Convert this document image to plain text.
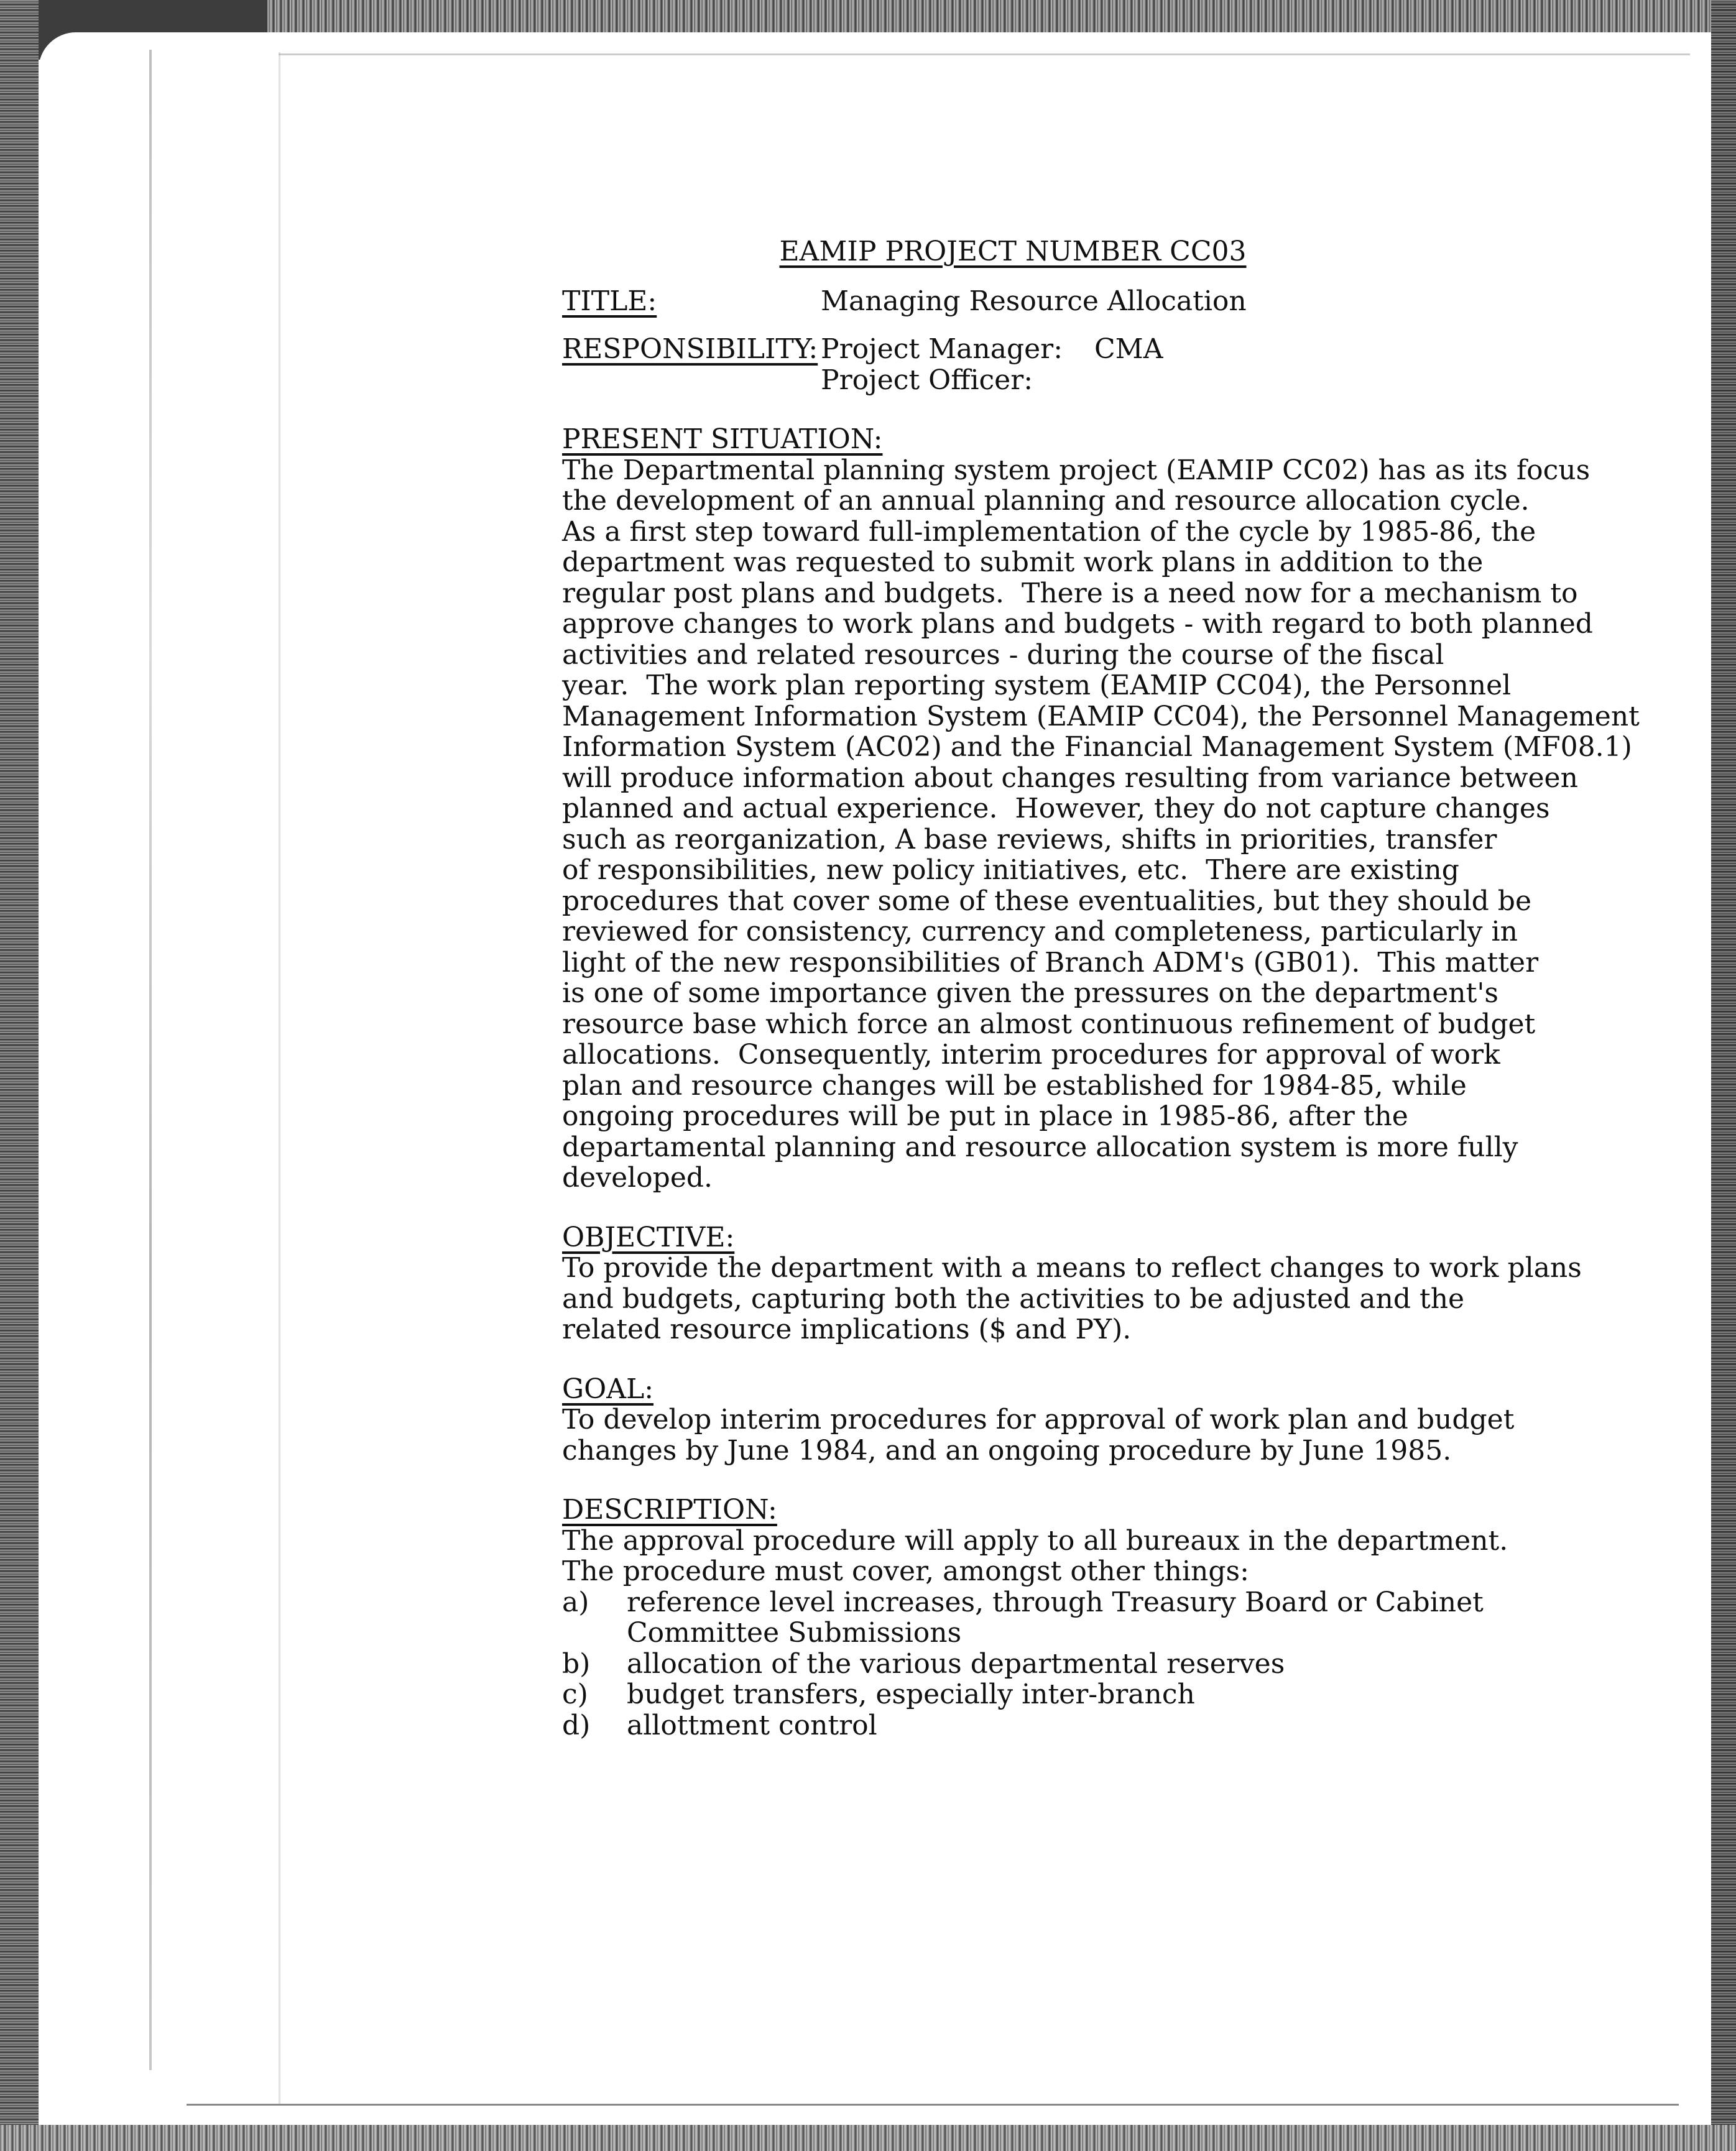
EAMIP PROJECT NUMBER CC03
TITLE:	Managing Resource Allocation
RESPONSIBILITY: Project Manager:	CMA
Project Officer:
PRESENT SITUATION:
The Departmental planning system project (EAMIP CC02) has as its focus
the development of an annual planning and resource allocation cycle.
As a first step toward full-implementation of the cycle by 1985-86, the
department was requested to submit work plans in addition to the
regular post plans and budgets.  There is a need now for a mechanism to
approve changes to work plans and budgets - with regard to both planned
activities and related resources - during the course of the fiscal
year.  The work plan reporting system (EAMIP CC04), the Personnel
Management Information System (EAMIP CC04), the Personnel Management
Information System (AC02) and the Financial Management System (MF08.1)
will produce information about changes resulting from variance between
planned and actual experience.  However, they do not capture changes
such as reorganization, A base reviews, shifts in priorities, transfer
of responsibilities, new policy initiatives, etc.  There are existing
procedures that cover some of these eventualities, but they should be
reviewed for consistency, currency and completeness, particularly in
light of the new responsibilities of Branch ADM's (GB01).  This matter
is one of some importance given the pressures on the department's
resource base which force an almost continuous refinement of budget
allocations.  Consequently, interim procedures for approval of work
plan and resource changes will be established for 1984-85, while
ongoing procedures will be put in place in 1985-86, after the
departamental planning and resource allocation system is more fully
developed.
OBJECTIVE:
To provide the department with a means to reflect changes to work plans
and budgets, capturing both the activities to be adjusted and the
related resource implications ($ and PY).
GOAL:
To develop interim procedures for approval of work plan and budget
changes by June 1984, and an ongoing procedure by June 1985.
DESCRIPTION:
The approval procedure will apply to all bureaux in the department.
The procedure must cover, amongst other things:
a)	reference level increases, through Treasury Board or Cabinet
Committee Submissions
b)	allocation of the various departmental reserves
c)	budget transfers, especially inter-branch
d)	allottment control
